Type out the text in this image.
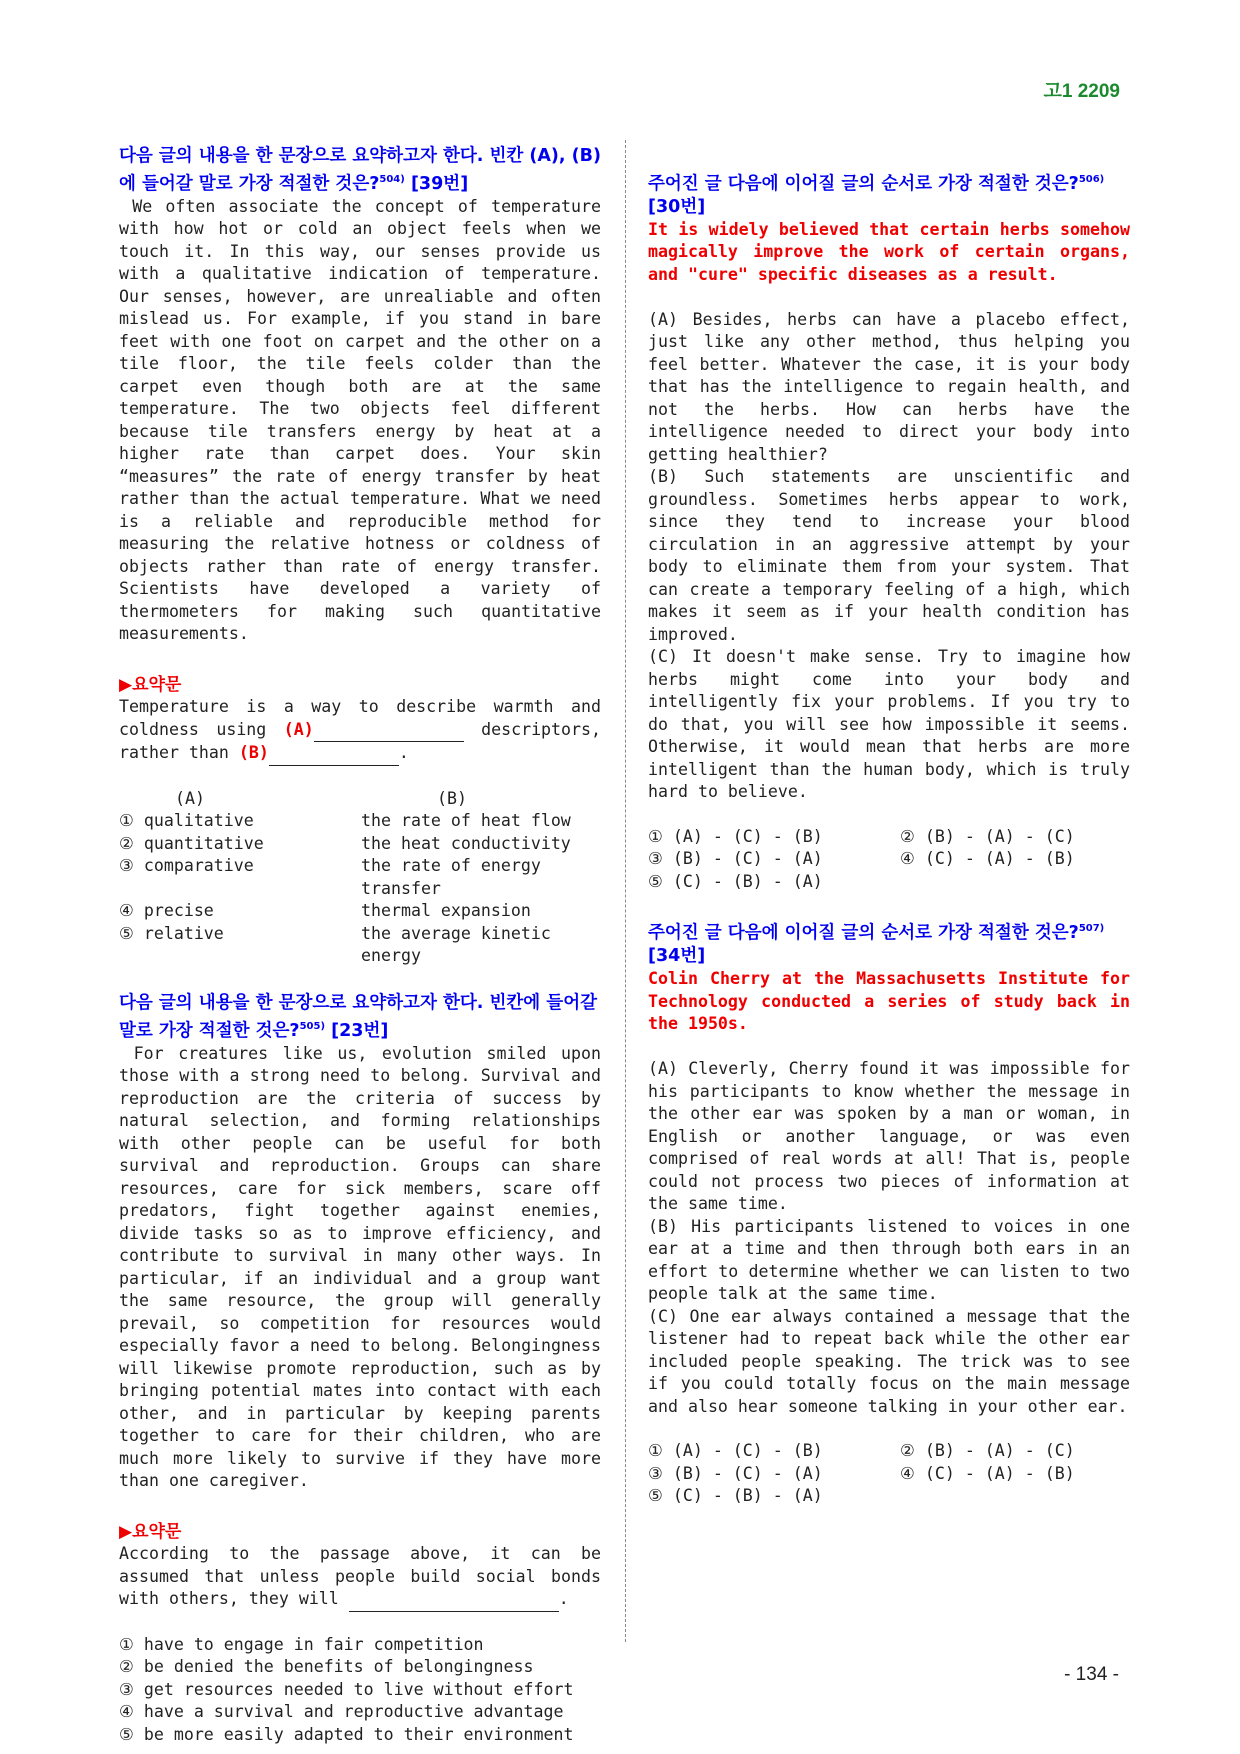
고1 2209

다음 글의 내용을 한 문장으로 요약하고자 한다. 빈칸 (A), (B)에 들어갈 말로 가장 적절한 것은?$^{504)}$ [39번]

We often associate the concept of temperature with how hot or cold an object feels when we touch it. In this way, our senses provide us with a qualitative indication of temperature. Our senses, however, are unrealiable and often mislead us. For example, if you stand in bare feet with one foot on carpet and the other on a tile floor, the tile feels colder than the carpet even though both are at the same temperature. The two objects feel different because tile transfers energy by heat at a higher rate than carpet does. Your skin “measures” the rate of energy transfer by heat rather than the actual temperature. What we need is a reliable and reproducible method for measuring the relative hotness or coldness of objects rather than rate of energy transfer. Scientists have developed a variety of thermometers for making such quantitative measurements.

▶요약문

Temperature is a way to describe warmth and coldness using (A)	descriptors, rather than (B)	.

(A)	(B)
① qualitative	the rate of heat flow
② quantitative	the heat conductivity
③ comparative	the rate of energy transfer
④ precise	thermal expansion
⑤ relative	the average kinetic energy

다음 글의 내용을 한 문장으로 요약하고자 한다. 빈칸에 들어갈 말로 가장 적절한 것은?$^{505)}$ [23번]

For creatures like us, evolution smiled upon those with a strong need to belong. Survival and reproduction are the criteria of success by natural selection, and forming relationships with other people can be useful for both survival and reproduction. Groups can share resources, care for sick members, scare off predators, fight together against enemies, divide tasks so as to improve efficiency, and contribute to survival in many other ways. In particular, if an individual and a group want the same resource, the group will generally prevail, so competition for resources would especially favor a need to belong. Belongingness will likewise promote reproduction, such as by bringing potential mates into contact with each other, and in particular by keeping parents together to care for their children, who are much more likely to survive if they have more than one caregiver.

▶요약문

According to the passage above, it can be assumed that unless people build social bonds with others, they will	.

① have to engage in fair competition
② be denied the benefits of belongingness
③ get resources needed to live without effort
④ have a survival and reproductive advantage
⑤ be more easily adapted to their environment

주어진 글 다음에 이어질 글의 순서로 가장 적절한 것은?$^{506)}$ [30번]

It is widely believed that certain herbs somehow magically improve the work of certain organs, and "cure" specific diseases as a result.

(A) Besides, herbs can have a placebo effect, just like any other method, thus helping you feel better. Whatever the case, it is your body that has the intelligence to regain health, and not the herbs. How can herbs have the intelligence needed to direct your body into getting healthier?

(B) Such statements are unscientific and groundless. Sometimes herbs appear to work, since they tend to increase your blood circulation in an aggressive attempt by your body to eliminate them from your system. That can create a temporary feeling of a high, which makes it seem as if your health condition has improved.

(C) It doesn't make sense. Try to imagine how herbs might come into your body and intelligently fix your problems. If you try to do that, you will see how impossible it seems. Otherwise, it would mean that herbs are more intelligent than the human body, which is truly hard to believe.

① (A) - (C) - (B)	② (B) - (A) - (C)
③ (B) - (C) - (A)	④ (C) - (A) - (B)
⑤ (C) - (B) - (A)

주어진 글 다음에 이어질 글의 순서로 가장 적절한 것은?$^{507)}$ [34번]

Colin Cherry at the Massachusetts Institute for Technology conducted a series of study back in the 1950s.

(A) Cleverly, Cherry found it was impossible for his participants to know whether the message in the other ear was spoken by a man or woman, in English or another language, or was even comprised of real words at all! That is, people could not process two pieces of information at the same time.

(B) His participants listened to voices in one ear at a time and then through both ears in an effort to determine whether we can listen to two people talk at the same time.

(C) One ear always contained a message that the listener had to repeat back while the other ear included people speaking. The trick was to see if you could totally focus on the main message and also hear someone talking in your other ear.

① (A) - (C) - (B)	② (B) - (A) - (C)
③ (B) - (C) - (A)	④ (C) - (A) - (B)
⑤ (C) - (B) - (A)
- 134 -
